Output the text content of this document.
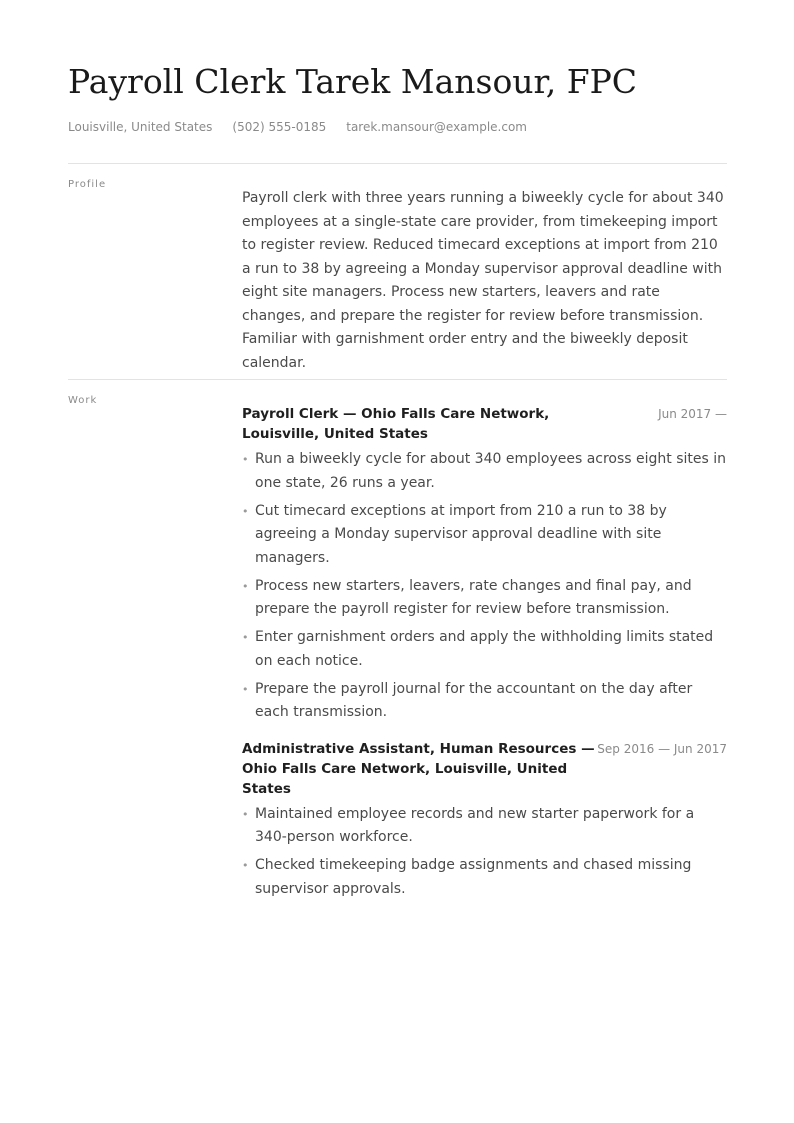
Payroll Clerk Tarek Mansour, FPC
Louisville, United States (502) 555-0185 tarek.mansour@example.com
Profile

Payroll clerk with three years running a biweekly cycle for about 340 employees at a single-state care provider, from timekeeping import to register review. Reduced timecard exceptions at import from 210 a run to 38 by agreeing a Monday supervisor approval deadline with eight site managers. Process new starters, leavers and rate changes, and prepare the register for review before transmission. Familiar with garnishment order entry and the biweekly deposit calendar.

Work
Payroll Clerk — Ohio Falls Care Network, Louisville, United States
Jun 2017 —
• Run a biweekly cycle for about 340 employees across eight sites in one state, 26 runs a year.
• Cut timecard exceptions at import from 210 a run to 38 by agreeing a Monday supervisor approval deadline with site managers.
• Process new starters, leavers, rate changes and final pay, and prepare the payroll register for review before transmission.
• Enter garnishment orders and apply the withholding limits stated on each notice.
• Prepare the payroll journal for the accountant on the day after each transmission.
Administrative Assistant, Human Resources — Ohio Falls Care Network, Louisville, United States
Sep 2016 — Jun 2017
• Maintained employee records and new starter paperwork for a 340-person workforce.
• Checked timekeeping badge assignments and chased missing supervisor approvals.
